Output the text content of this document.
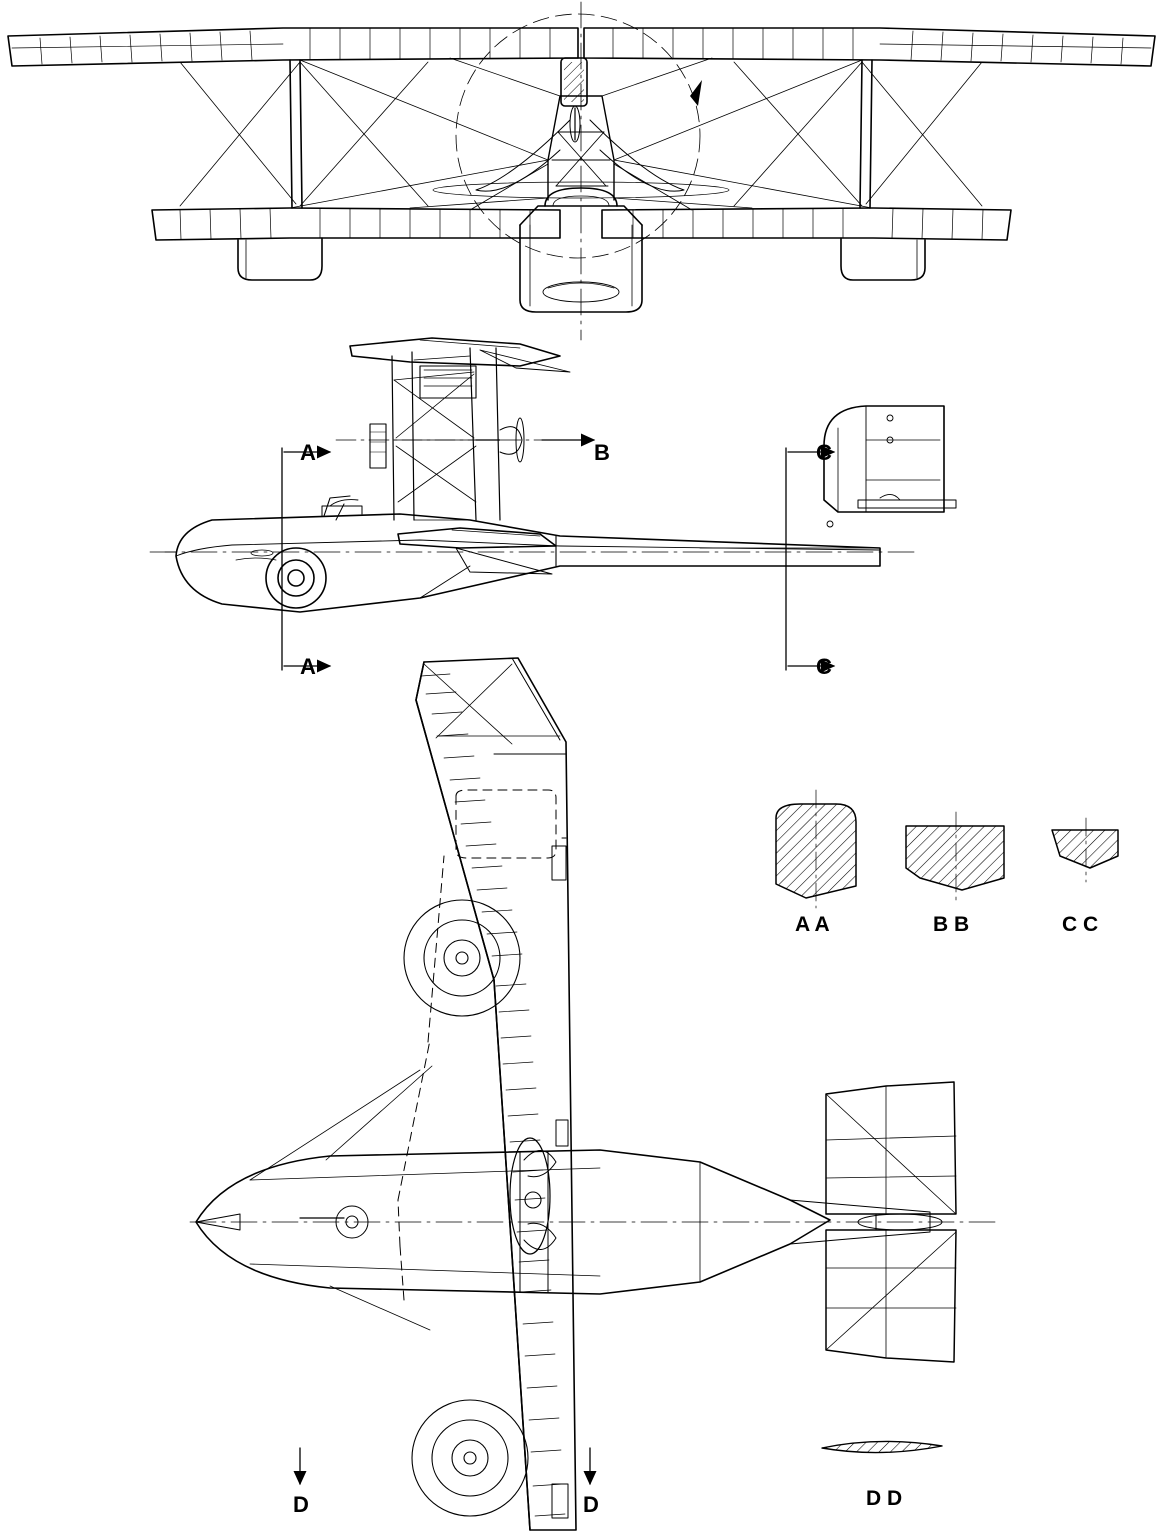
A
A
B	C
C
D	D
A A	B B	C C
D D
